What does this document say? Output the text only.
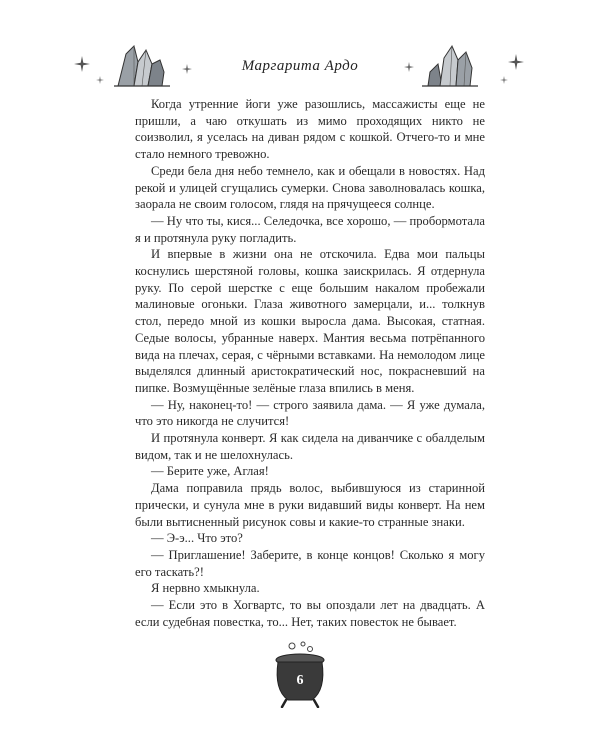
Маргарита Ардо

Когда утренние йоги уже разошлись, массажисты еще не пришли, а чаю откушать из мимо проходящих никто не соизволил, я уселась на диван рядом с кошкой. Отчего-то и мне стало немного тревожно.

Среди бела дня небо темнело, как и обещали в новостях. Над рекой и улицей сгущались сумерки. Снова заволновалась кошка, заорала не своим голосом, глядя на прячущееся солнце.

— Ну что ты, кися... Селедочка, все хорошо, — пробормотала я и протянула руку погладить.

И впервые в жизни она не отскочила. Едва мои пальцы коснулись шерстяной головы, кошка заискрилась. Я отдернула руку. По серой шерстке с еще большим накалом пробежали малиновые огоньки. Глаза животного замерцали, и... толкнув стол, передо мной из кошки выросла дама. Высокая, статная. Седые волосы, убранные наверх. Мантия весьма потрёпанного вида на плечах, серая, с чёрными вставками. На немолодом лице выделялся длинный аристократический нос, покрасневший на пипке. Возмущённые зелёные глаза впились в меня.

— Ну, наконец-то! — строго заявила дама. — Я уже думала, что это никогда не случится!

И протянула конверт. Я как сидела на диванчике с обалделым видом, так и не шелохнулась.

— Берите уже, Аглая!

Дама поправила прядь волос, выбившуюся из старинной прически, и сунула мне в руки видавший виды конверт. На нем были вытисненный рисунок совы и какие-то странные знаки.

— Э-э... Что это?

— Приглашение! Заберите, в конце концов! Сколько я могу его таскать?!

Я нервно хмыкнула.

— Если это в Хогвартс, то вы опоздали лет на двадцать. А если судебная повестка, то... Нет, таких повесток не бывает.

6
